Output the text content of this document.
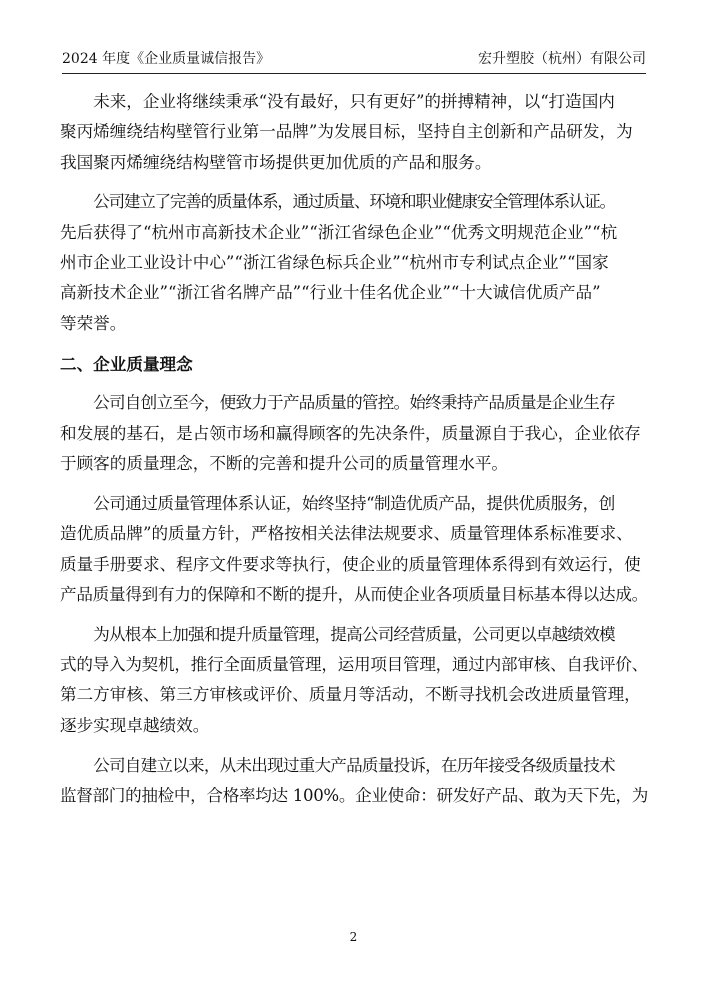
2024 年度《企业质量诚信报告》	宏升塑胶（杭州）有限公司

未来，企业将继续秉承“没有最好，只有更好”的拼搏精神，以“打造国内
聚丙烯缠绕结构壁管行业第一品牌”为发展目标，坚持自主创新和产品研发，为
我国聚丙烯缠绕结构壁管市场提供更加优质的产品和服务。

公司建立了完善的质量体系，通过质量、环境和职业健康安全管理体系认证。
先后获得了“杭州市高新技术企业”“浙江省绿色企业”“优秀文明规范企业”“杭
州市企业工业设计中心”“浙江省绿色标兵企业”“杭州市专利试点企业”“国家
高新技术企业”“浙江省名牌产品”“行业十佳名优企业”“十大诚信优质产品”
等荣誉。

二、企业质量理念

公司自创立至今，便致力于产品质量的管控。始终秉持产品质量是企业生存
和发展的基石，是占领市场和赢得顾客的先决条件，质量源自于我心，企业依存
于顾客的质量理念，不断的完善和提升公司的质量管理水平。

公司通过质量管理体系认证，始终坚持“制造优质产品，提供优质服务，创
造优质品牌”的质量方针，严格按相关法律法规要求、质量管理体系标准要求、
质量手册要求、程序文件要求等执行，使企业的质量管理体系得到有效运行，使
产品质量得到有力的保障和不断的提升，从而使企业各项质量目标基本得以达成。

为从根本上加强和提升质量管理，提高公司经营质量，公司更以卓越绩效模
式的导入为契机，推行全面质量管理，运用项目管理，通过内部审核、自我评价、
第二方审核、第三方审核或评价、质量月等活动，不断寻找机会改进质量管理，
逐步实现卓越绩效。

公司自建立以来，从未出现过重大产品质量投诉，在历年接受各级质量技术
监督部门的抽检中，合格率均达 100%。企业使命：研发好产品、敢为天下先，为

2
